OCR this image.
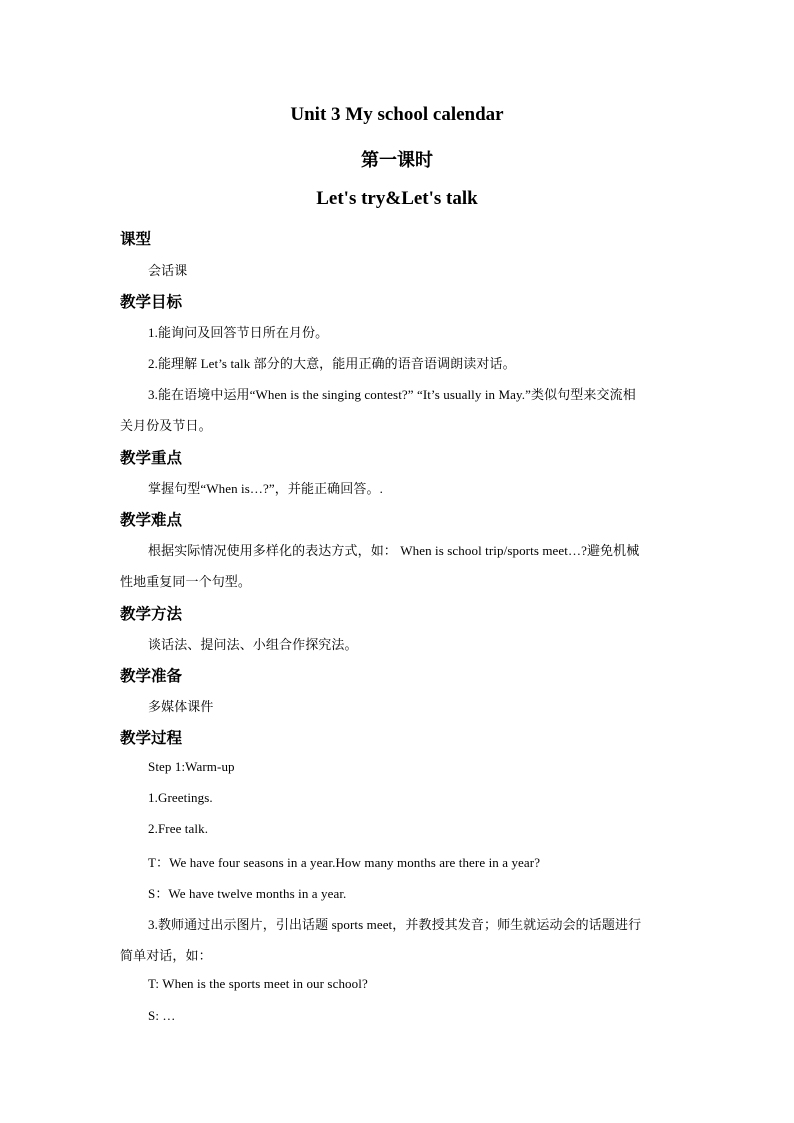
Unit 3 My school calendar
第一课时
Let's try&Let's talk
课型
会话课
教学目标
1.能询问及回答节日所在月份。
2.能理解 Let’s talk 部分的大意，能用正确的语音语调朗读对话。
3.能在语境中运用“When is the singing contest?” “It’s usually in May.”类似句型来交流相
关月份及节日。
教学重点
掌握句型“When is…?”，并能正确回答。.
教学难点
根据实际情况使用多样化的表达方式，如： When is school trip/sports meet…?避免机械
性地重复同一个句型。
教学方法
谈话法、提问法、小组合作探究法。
教学准备
多媒体课件
教学过程
Step 1:Warm-up
1.Greetings.
2.Free talk.
T：We have four seasons in a year.How many months are there in a year?
S：We have twelve months in a year.
3.教师通过出示图片，引出话题 sports meet，并教授其发音；师生就运动会的话题进行
简单对话，如：
T: When is the sports meet in our school?
S: …
